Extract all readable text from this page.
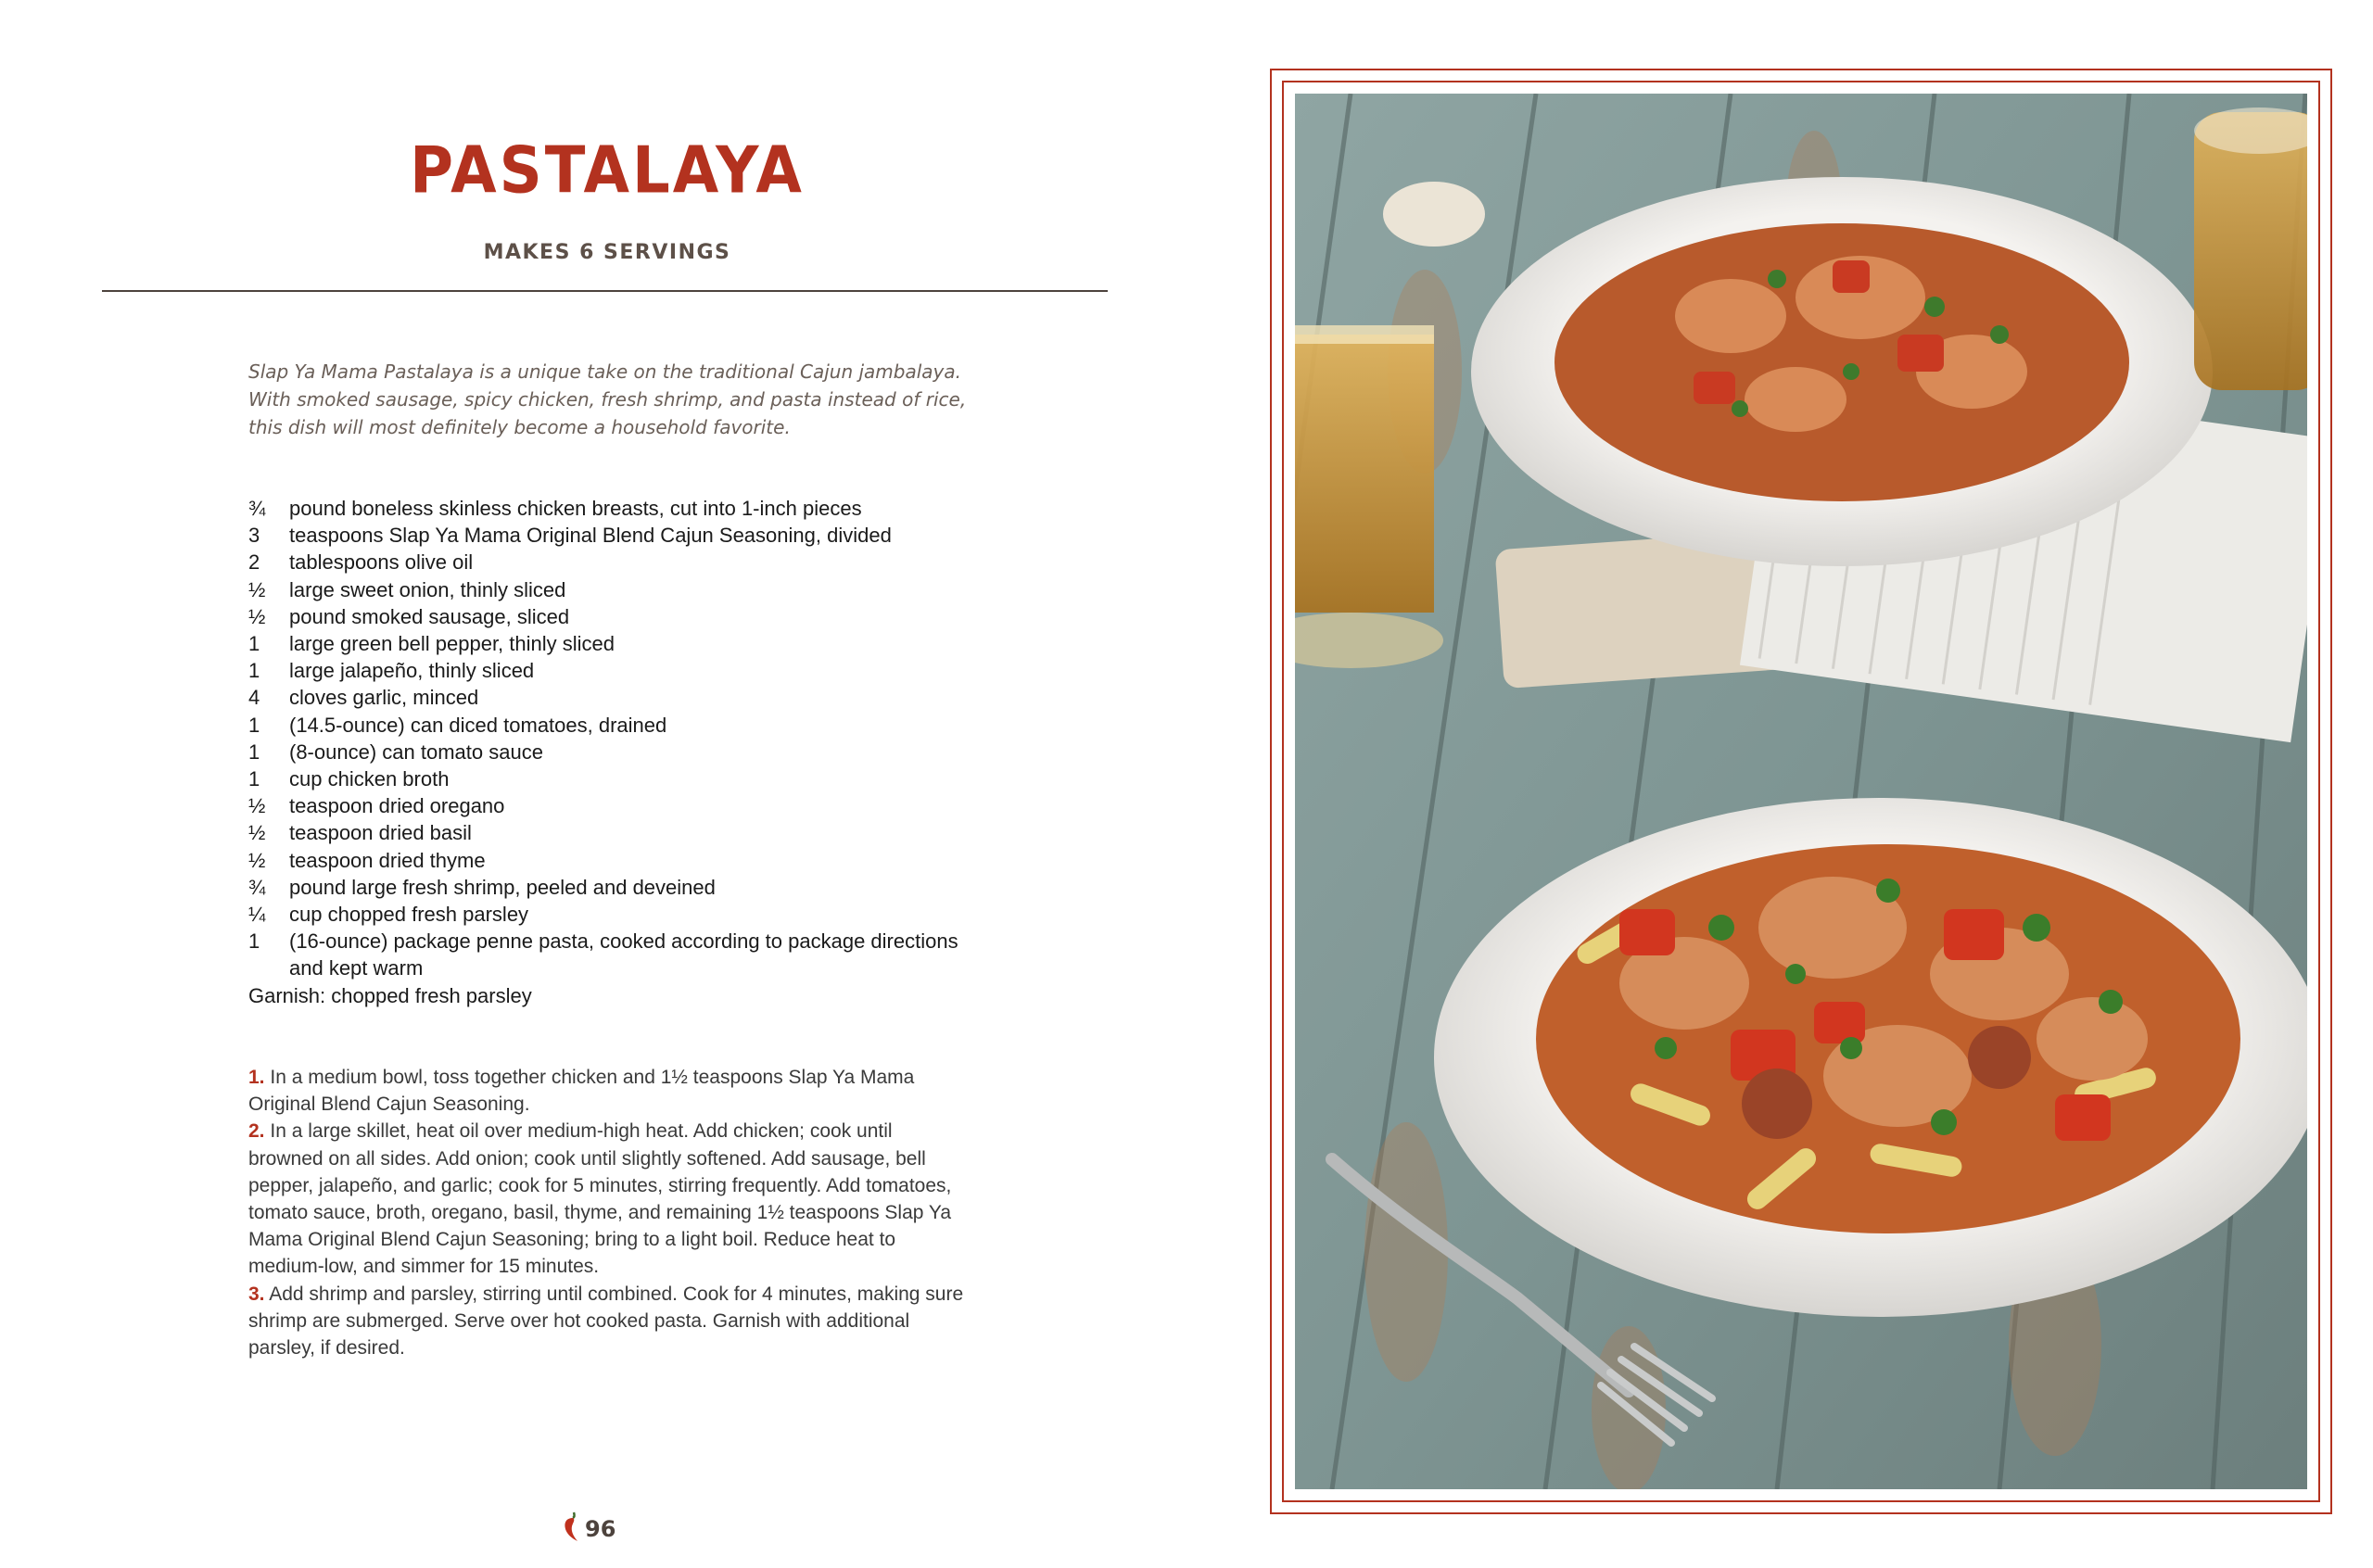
PASTALAYA
MAKES 6 SERVINGS

Slap Ya Mama Pastalaya is a unique take on the traditional Cajun jambalaya. With smoked sausage, spicy chicken, fresh shrimp, and pasta instead of rice, this dish will most definitely become a household favorite.

¾	pound boneless skinless chicken breasts, cut into 1-inch pieces
3	teaspoons Slap Ya Mama Original Blend Cajun Seasoning, divided
2	tablespoons olive oil
½	large sweet onion, thinly sliced
½	pound smoked sausage, sliced
1	large green bell pepper, thinly sliced
1	large jalapeño, thinly sliced
4	cloves garlic, minced
1	(14.5-ounce) can diced tomatoes, drained
1	(8-ounce) can tomato sauce
1	cup chicken broth
½	teaspoon dried oregano
½	teaspoon dried basil
½	teaspoon dried thyme
¾	pound large fresh shrimp, peeled and deveined
¼	cup chopped fresh parsley
1	(16-ounce) package penne pasta, cooked according to package directions and kept warm
Garnish: chopped fresh parsley
1. In a medium bowl, toss together chicken and 1½ teaspoons Slap Ya Mama Original Blend Cajun Seasoning.
2. In a large skillet, heat oil over medium-high heat. Add chicken; cook until browned on all sides. Add onion; cook until slightly softened. Add sausage, bell pepper, jalapeño, and garlic; cook for 5 minutes, stirring frequently. Add tomatoes, tomato sauce, broth, oregano, basil, thyme, and remaining 1½ teaspoons Slap Ya Mama Original Blend Cajun Seasoning; bring to a light boil. Reduce heat to medium-low, and simmer for 15 minutes.
3. Add shrimp and parsley, stirring until combined. Cook for 4 minutes, making sure shrimp are submerged. Serve over hot cooked pasta. Garnish with additional parsley, if desired.
96
